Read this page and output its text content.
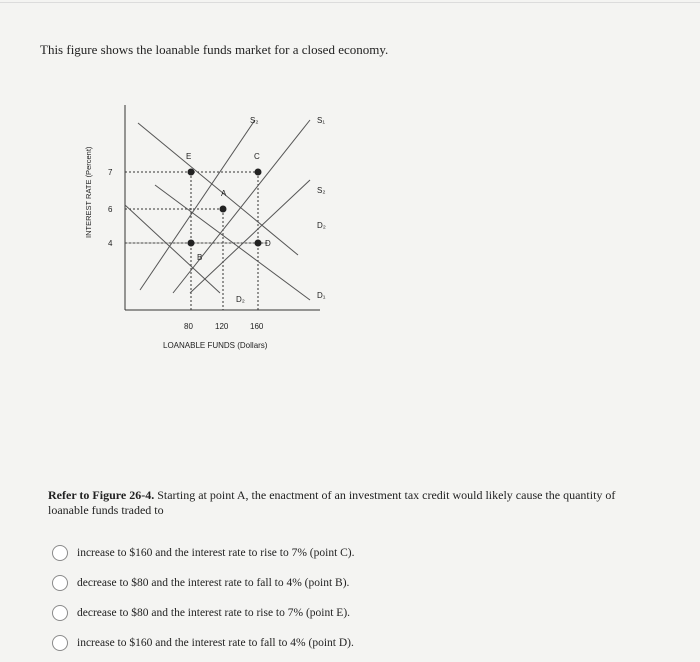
This figure shows the loanable funds market for a closed economy.
E	C
A
B
D
S₂	S₁
S₂
D₂
D₁
D₂
7
6
4
80	120	160
LOANABLE FUNDS (Dollars)
INTEREST RATE (Percent)
Refer to Figure 26-4. Starting at point A, the enactment of an investment tax credit would likely cause the quantity of loanable funds traded to
increase to $160 and the interest rate to rise to 7% (point C).
decrease to $80 and the interest rate to fall to 4% (point B).
decrease to $80 and the interest rate to rise to 7% (point E).
increase to $160 and the interest rate to fall to 4% (point D).
